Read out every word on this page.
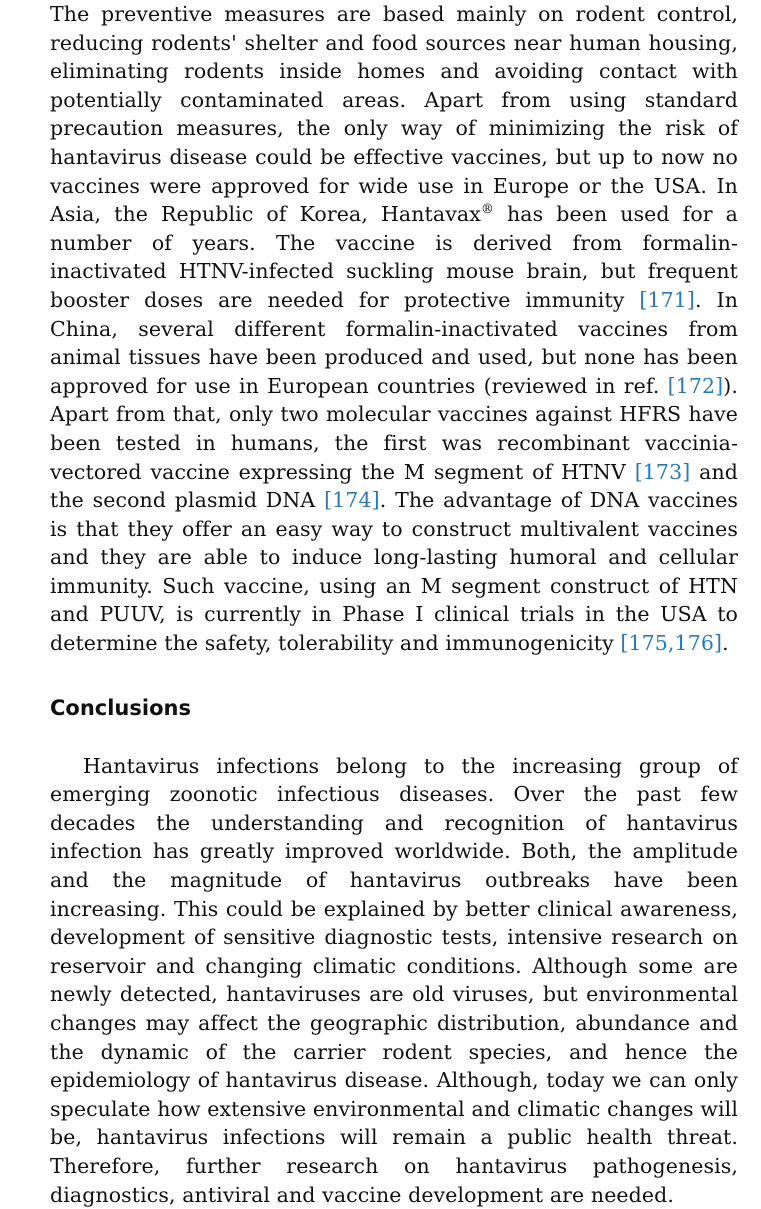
The preventive measures are based mainly on rodent control, reducing rodents' shelter and food sources near human housing, eliminating rodents inside homes and avoiding contact with potentially contaminated areas. Apart from using standard precaution measures, the only way of minimizing the risk of hantavirus disease could be effective vaccines, but up to now no vaccines were approved for wide use in Europe or the USA. In Asia, the Republic of Korea, Hantavax® has been used for a number of years. The vaccine is derived from formalin-inactivated HTNV-infected suckling mouse brain, but frequent booster doses are needed for protective immunity [171]. In China, several different formalin-inactivated vaccines from animal tissues have been produced and used, but none has been approved for use in European countries (reviewed in ref. [172]). Apart from that, only two molecular vaccines against HFRS have been tested in humans, the first was recombinant vaccinia-vectored vaccine expressing the M segment of HTNV [173] and the second plasmid DNA [174]. The advantage of DNA vaccines is that they offer an easy way to construct multivalent vaccines and they are able to induce long-lasting humoral and cellular immunity. Such vaccine, using an M segment construct of HTN and PUUV, is currently in Phase I clinical trials in the USA to determine the safety, tolerability and immunogenicity [175,176].

Conclusions

Hantavirus infections belong to the increasing group of emerging zoonotic infectious diseases. Over the past few decades the understanding and recognition of hantavirus infection has greatly improved worldwide. Both, the amplitude and the magnitude of hantavirus outbreaks have been increasing. This could be explained by better clinical awareness, development of sensitive diagnostic tests, intensive research on reservoir and changing climatic conditions. Although some are newly detected, hantaviruses are old viruses, but environmental changes may affect the geographic distribution, abundance and the dynamic of the carrier rodent species, and hence the epidemiology of hantavirus disease. Although, today we can only speculate how extensive environmental and climatic changes will be, hantavirus infections will remain a public health threat. Therefore, further research on hantavirus pathogenesis, diagnostics, antiviral and vaccine development are needed.
